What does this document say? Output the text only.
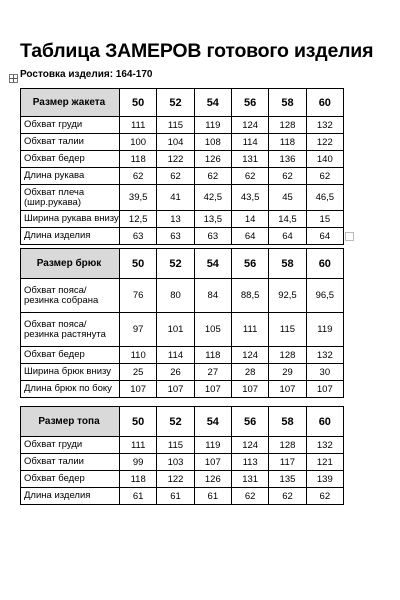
Таблица ЗАМЕРОВ готового изделия
Ростовка изделия: 164-170
Размер жакета	50	52	54	56	58	60
Обхват груди	111	115	119	124	128	132
Обхват талии	100	104	108	114	118	122
Обхват бедер	118	122	126	131	136	140
Длина рукава	62	62	62	62	62	62
Обхват плеча (шир.рукава)	39,5	41	42,5	43,5	45	46,5
Ширина рукава внизу	12,5	13	13,5	14	14,5	15
Длина изделия	63	63	63	64	64	64
Размер брюк	50	52	54	56	58	60
Обхват пояса/резинка собрана	76	80	84	88,5	92,5	96,5
Обхват пояса/резинка растянута	97	101	105	111	115	119
Обхват бедер	110	114	118	124	128	132
Ширина брюк внизу	25	26	27	28	29	30
Длина брюк по боку	107	107	107	107	107	107
Размер топа	50	52	54	56	58	60
Обхват груди	111	115	119	124	128	132
Обхват талии	99	103	107	113	117	121
Обхват бедер	118	122	126	131	135	139
Длина изделия	61	61	61	62	62	62
